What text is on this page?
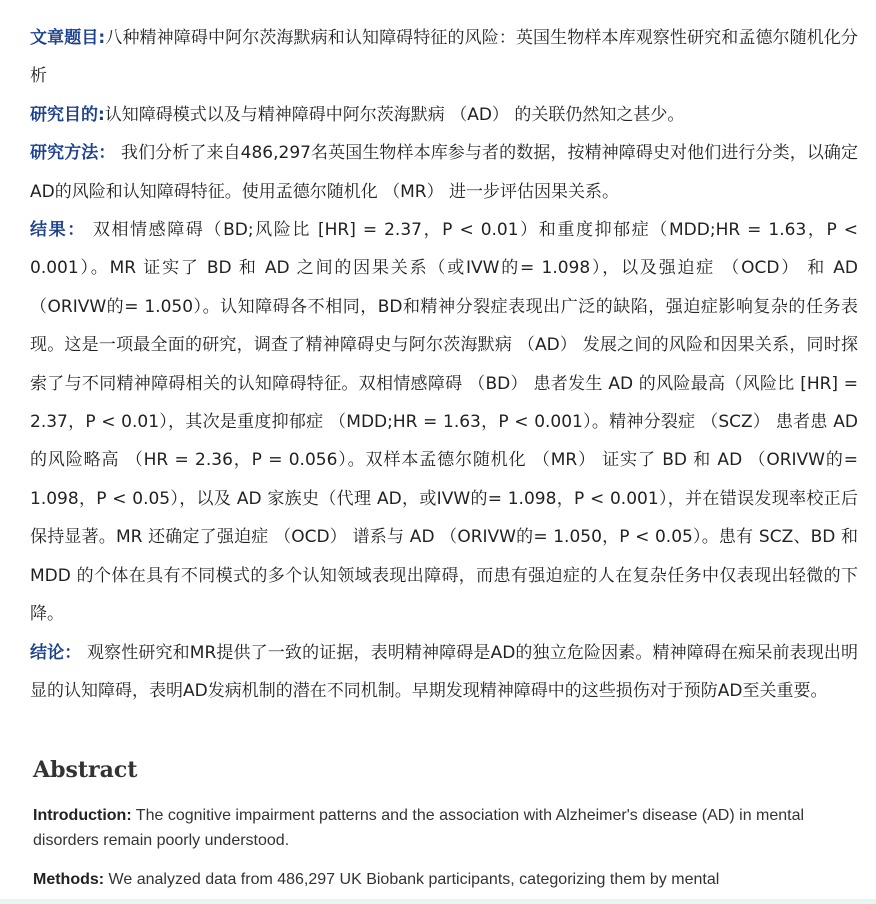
文章题目:八种精神障碍中阿尔茨海默病和认知障碍特征的风险：英国生物样本库观察性研究和孟德尔随机化分析

研究目的:认知障碍模式以及与精神障碍中阿尔茨海默病 （AD） 的关联仍然知之甚少。

研究方法： 我们分析了来自486,297名英国生物样本库参与者的数据，按精神障碍史对他们进行分类，以确定AD的风险和认知障碍特征。使用孟德尔随机化 （MR） 进一步评估因果关系。

结果： 双相情感障碍（BD;风险比 [HR] = 2.37，P < 0.01）和重度抑郁症（MDD;HR = 1.63，P < 0.001）。MR 证实了 BD 和 AD 之间的因果关系（或IVW的= 1.098），以及强迫症 （OCD） 和 AD （ORIVW的= 1.050）。认知障碍各不相同，BD和精神分裂症表现出广泛的缺陷，强迫症影响复杂的任务表现。这是一项最全面的研究，调查了精神障碍史与阿尔茨海默病 （AD） 发展之间的风险和因果关系，同时探索了与不同精神障碍相关的认知障碍特征。双相情感障碍 （BD） 患者发生 AD 的风险最高（风险比 [HR] = 2.37，P < 0.01），其次是重度抑郁症 （MDD;HR = 1.63，P < 0.001）。精神分裂症 （SCZ） 患者患 AD 的风险略高 （HR = 2.36，P = 0.056）。双样本孟德尔随机化 （MR） 证实了 BD 和 AD （ORIVW的= 1.098，P < 0.05），以及 AD 家族史（代理 AD，或IVW的= 1.098，P < 0.001），并在错误发现率校正后保持显著。MR 还确定了强迫症 （OCD） 谱系与 AD （ORIVW的= 1.050，P < 0.05）。患有 SCZ、BD 和 MDD 的个体在具有不同模式的多个认知领域表现出障碍，而患有强迫症的人在复杂任务中仅表现出轻微的下降。

结论： 观察性研究和MR提供了一致的证据，表明精神障碍是AD的独立危险因素。精神障碍在痴呆前表现出明显的认知障碍，表明AD发病机制的潜在不同机制。早期发现精神障碍中的这些损伤对于预防AD至关重要。

Abstract

Introduction: The cognitive impairment patterns and the association with Alzheimer's disease (AD) in mental disorders remain poorly understood.

Methods: We analyzed data from 486,297 UK Biobank participants, categorizing them by mental
